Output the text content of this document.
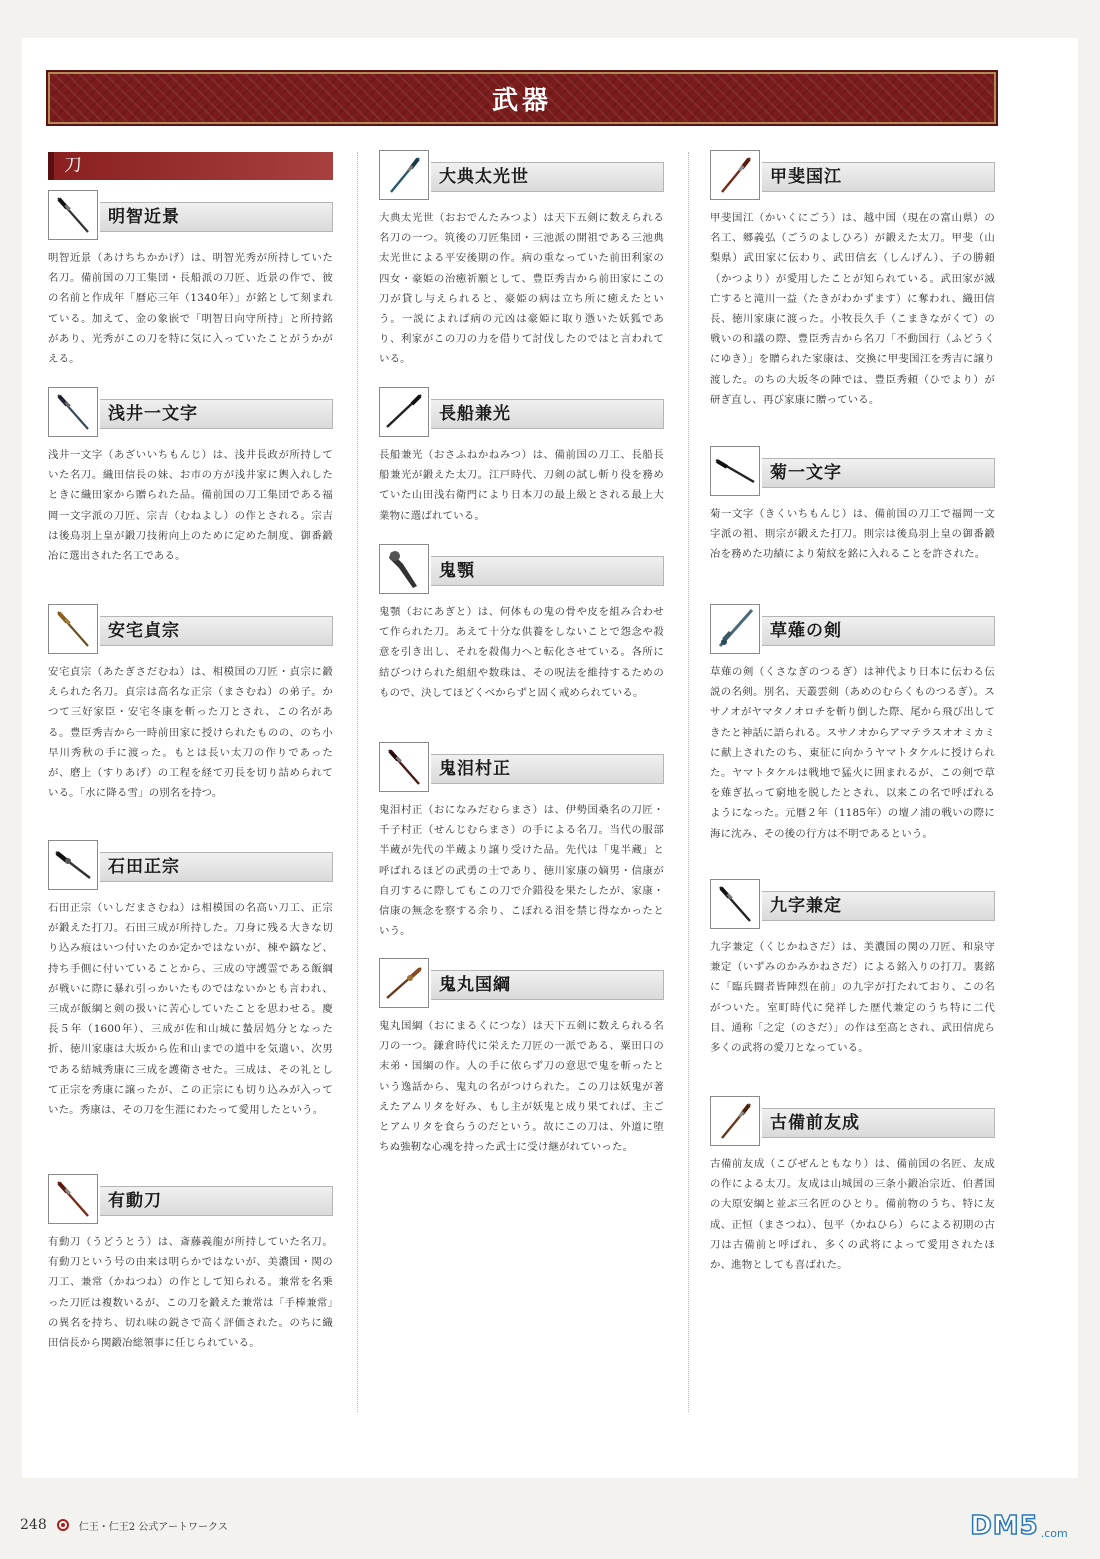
武器
刀
明智近景
明智近景（あけちちかかげ）は、明智光秀が所持していた名刀。備前国の刀工集団・長船派の刀匠、近景の作で、彼の名前と作成年「暦応三年（1340年）」が銘として刻まれている。加えて、金の象嵌で「明智日向守所持」と所持銘があり、光秀がこの刀を特に気に入っていたことがうかがえる。
浅井一文字
浅井一文字（あざいいちもんじ）は、浅井長政が所持していた名刀。織田信長の妹、お市の方が浅井家に輿入れしたときに織田家から贈られた品。備前国の刀工集団である福岡一文字派の刀匠、宗吉（むねよし）の作とされる。宗吉は後鳥羽上皇が鍛刀技術向上のために定めた制度、御番鍛冶に選出された名工である。
安宅貞宗
安宅貞宗（あたぎさだむね）は、相模国の刀匠・貞宗に鍛えられた名刀。貞宗は高名な正宗（まさむね）の弟子。かつて三好家臣・安宅冬康を斬った刀とされ、この名がある。豊臣秀吉から一時前田家に授けられたものの、のち小早川秀秋の手に渡った。もとは長い太刀の作りであったが、磨上（すりあげ）の工程を経て刃長を切り詰められている。「水に降る雪」の別名を持つ。
石田正宗
石田正宗（いしだまさむね）は相模国の名高い刀工、正宗が鍛えた打刀。石田三成が所持した。刀身に残る大きな切り込み痕はいつ付いたのか定かではないが、棟や鎬など、持ち手側に付いていることから、三成の守護霊である飯綱が戦いに際に暴れ引っかいたものではないかとも言われ、三成が飯綱と剣の扱いに苦心していたことを思わせる。慶長５年（1600年）、三成が佐和山城に蟄居処分となった折、徳川家康は大坂から佐和山までの道中を気遣い、次男である結城秀康に三成を護衛させた。三成は、その礼として正宗を秀康に譲ったが、この正宗にも切り込みが入っていた。秀康は、その刀を生涯にわたって愛用したという。
有動刀
有動刀（うどうとう）は、斎藤義龍が所持していた名刀。有動刀という号の由来は明らかではないが、美濃国・関の刀工、兼常（かねつね）の作として知られる。兼常を名乗った刀匠は複数いるが、この刀を鍛えた兼常は「手棒兼常」の異名を持ち、切れ味の鋭さで高く評価された。のちに織田信長から関鍛冶総領事に任じられている。
大典太光世
大典太光世（おおでんたみつよ）は天下五剣に数えられる名刀の一つ。筑後の刀匠集団・三池派の開祖である三池典太光世による平安後期の作。病の重なっていた前田利家の四女・豪姫の治癒祈願として、豊臣秀吉から前田家にこの刀が貸し与えられると、豪姫の病は立ち所に癒えたという。一説によれば病の元凶は豪姫に取り憑いた妖狐であり、利家がこの刀の力を借りて討伐したのではと言われている。
長船兼光
長船兼光（おさふねかねみつ）は、備前国の刀工、長船長船兼光が鍛えた太刀。江戸時代、刀剣の試し斬り役を務めていた山田浅右衛門により日本刀の最上級とされる最上大業物に選ばれている。
鬼顎
鬼顎（おにあぎと）は、何体もの鬼の骨や皮を組み合わせて作られた刀。あえて十分な供養をしないことで怨念や殺意を引き出し、それを殺傷力へと転化させている。各所に結びつけられた組紐や数珠は、その呪法を維持するためのもので、決してほどくべからずと固く戒められている。
鬼泪村正
鬼泪村正（おになみだむらまさ）は、伊勢国桑名の刀匠・千子村正（せんじむらまさ）の手による名刀。当代の服部半蔵が先代の半蔵より譲り受けた品。先代は「鬼半蔵」と呼ばれるほどの武勇の士であり、徳川家康の嫡男・信康が自刃するに際してもこの刀で介錯役を果たしたが、家康・信康の無念を察する余り、こぼれる泪を禁じ得なかったという。
鬼丸国綱
鬼丸国綱（おにまるくにつな）は天下五剣に数えられる名刀の一つ。鎌倉時代に栄えた刀匠の一派である、粟田口の末弟・国綱の作。人の手に依らず刀の意思で鬼を斬ったという逸話から、鬼丸の名がつけられた。この刀は妖鬼が著えたアムリタを好み、もし主が妖鬼と成り果てれば、主ごとアムリタを食らうのだという。故にこの刀は、外道に堕ちぬ強靭な心魂を持った武士に受け継がれていった。
甲斐国江
甲斐国江（かいくにごう）は、越中国（現在の富山県）の名工、郷義弘（ごうのよしひろ）が鍛えた太刀。甲斐（山梨県）武田家に伝わり、武田信玄（しんげん）、子の勝頼（かつより）が愛用したことが知られている。武田家が滅亡すると滝川一益（たきがわかずます）に奪われ、織田信長、徳川家康に渡った。小牧長久手（こまきながくて）の戦いの和議の際、豊臣秀吉から名刀「不動国行（ふどうくにゆき）」を贈られた家康は、交換に甲斐国江を秀吉に譲り渡した。のちの大坂冬の陣では、豊臣秀頼（ひでより）が研ぎ直し、再び家康に贈っている。
菊一文字
菊一文字（きくいちもんじ）は、備前国の刀工で福岡一文字派の祖、則宗が鍛えた打刀。則宗は後鳥羽上皇の御番鍛冶を務めた功績により菊紋を銘に入れることを許された。
草薙の剣
草薙の剣（くさなぎのつるぎ）は神代より日本に伝わる伝説の名剣。別名、天叢雲剣（あめのむらくものつるぎ）。スサノオがヤマタノオロチを斬り倒した際、尾から飛び出してきたと神話に語られる。スサノオからアマテラスオオミカミに献上されたのち、東征に向かうヤマトタケルに授けられた。ヤマトタケルは戦地で猛火に囲まれるが、この剣で草を薙ぎ払って窮地を脱したとされ、以来この名で呼ばれるようになった。元暦２年（1185年）の壇ノ浦の戦いの際に海に沈み、その後の行方は不明であるという。
九字兼定
九字兼定（くじかねさだ）は、美濃国の関の刀匠、和泉守兼定（いずみのかみかねさだ）による銘入りの打刀。裏銘に「臨兵闘者皆陣烈在前」の九字が打たれており、この名がついた。室町時代に発祥した歴代兼定のうち特に二代目、通称「之定（のさだ）」の作は至高とされ、武田信虎ら多くの武将の愛刀となっている。
古備前友成
古備前友成（こびぜんともなり）は、備前国の名匠、友成の作による太刀。友成は山城国の三条小鍛冶宗近、伯耆国の大原安綱と並ぶ三名匠のひとり。備前物のうち、特に友成、正恒（まさつね）、包平（かねひら）らによる初期の古刀は古備前と呼ばれ、多くの武将によって愛用されたほか、進物としても喜ばれた。
248	仁王・仁王2 公式アートワークス	DM5 .com
